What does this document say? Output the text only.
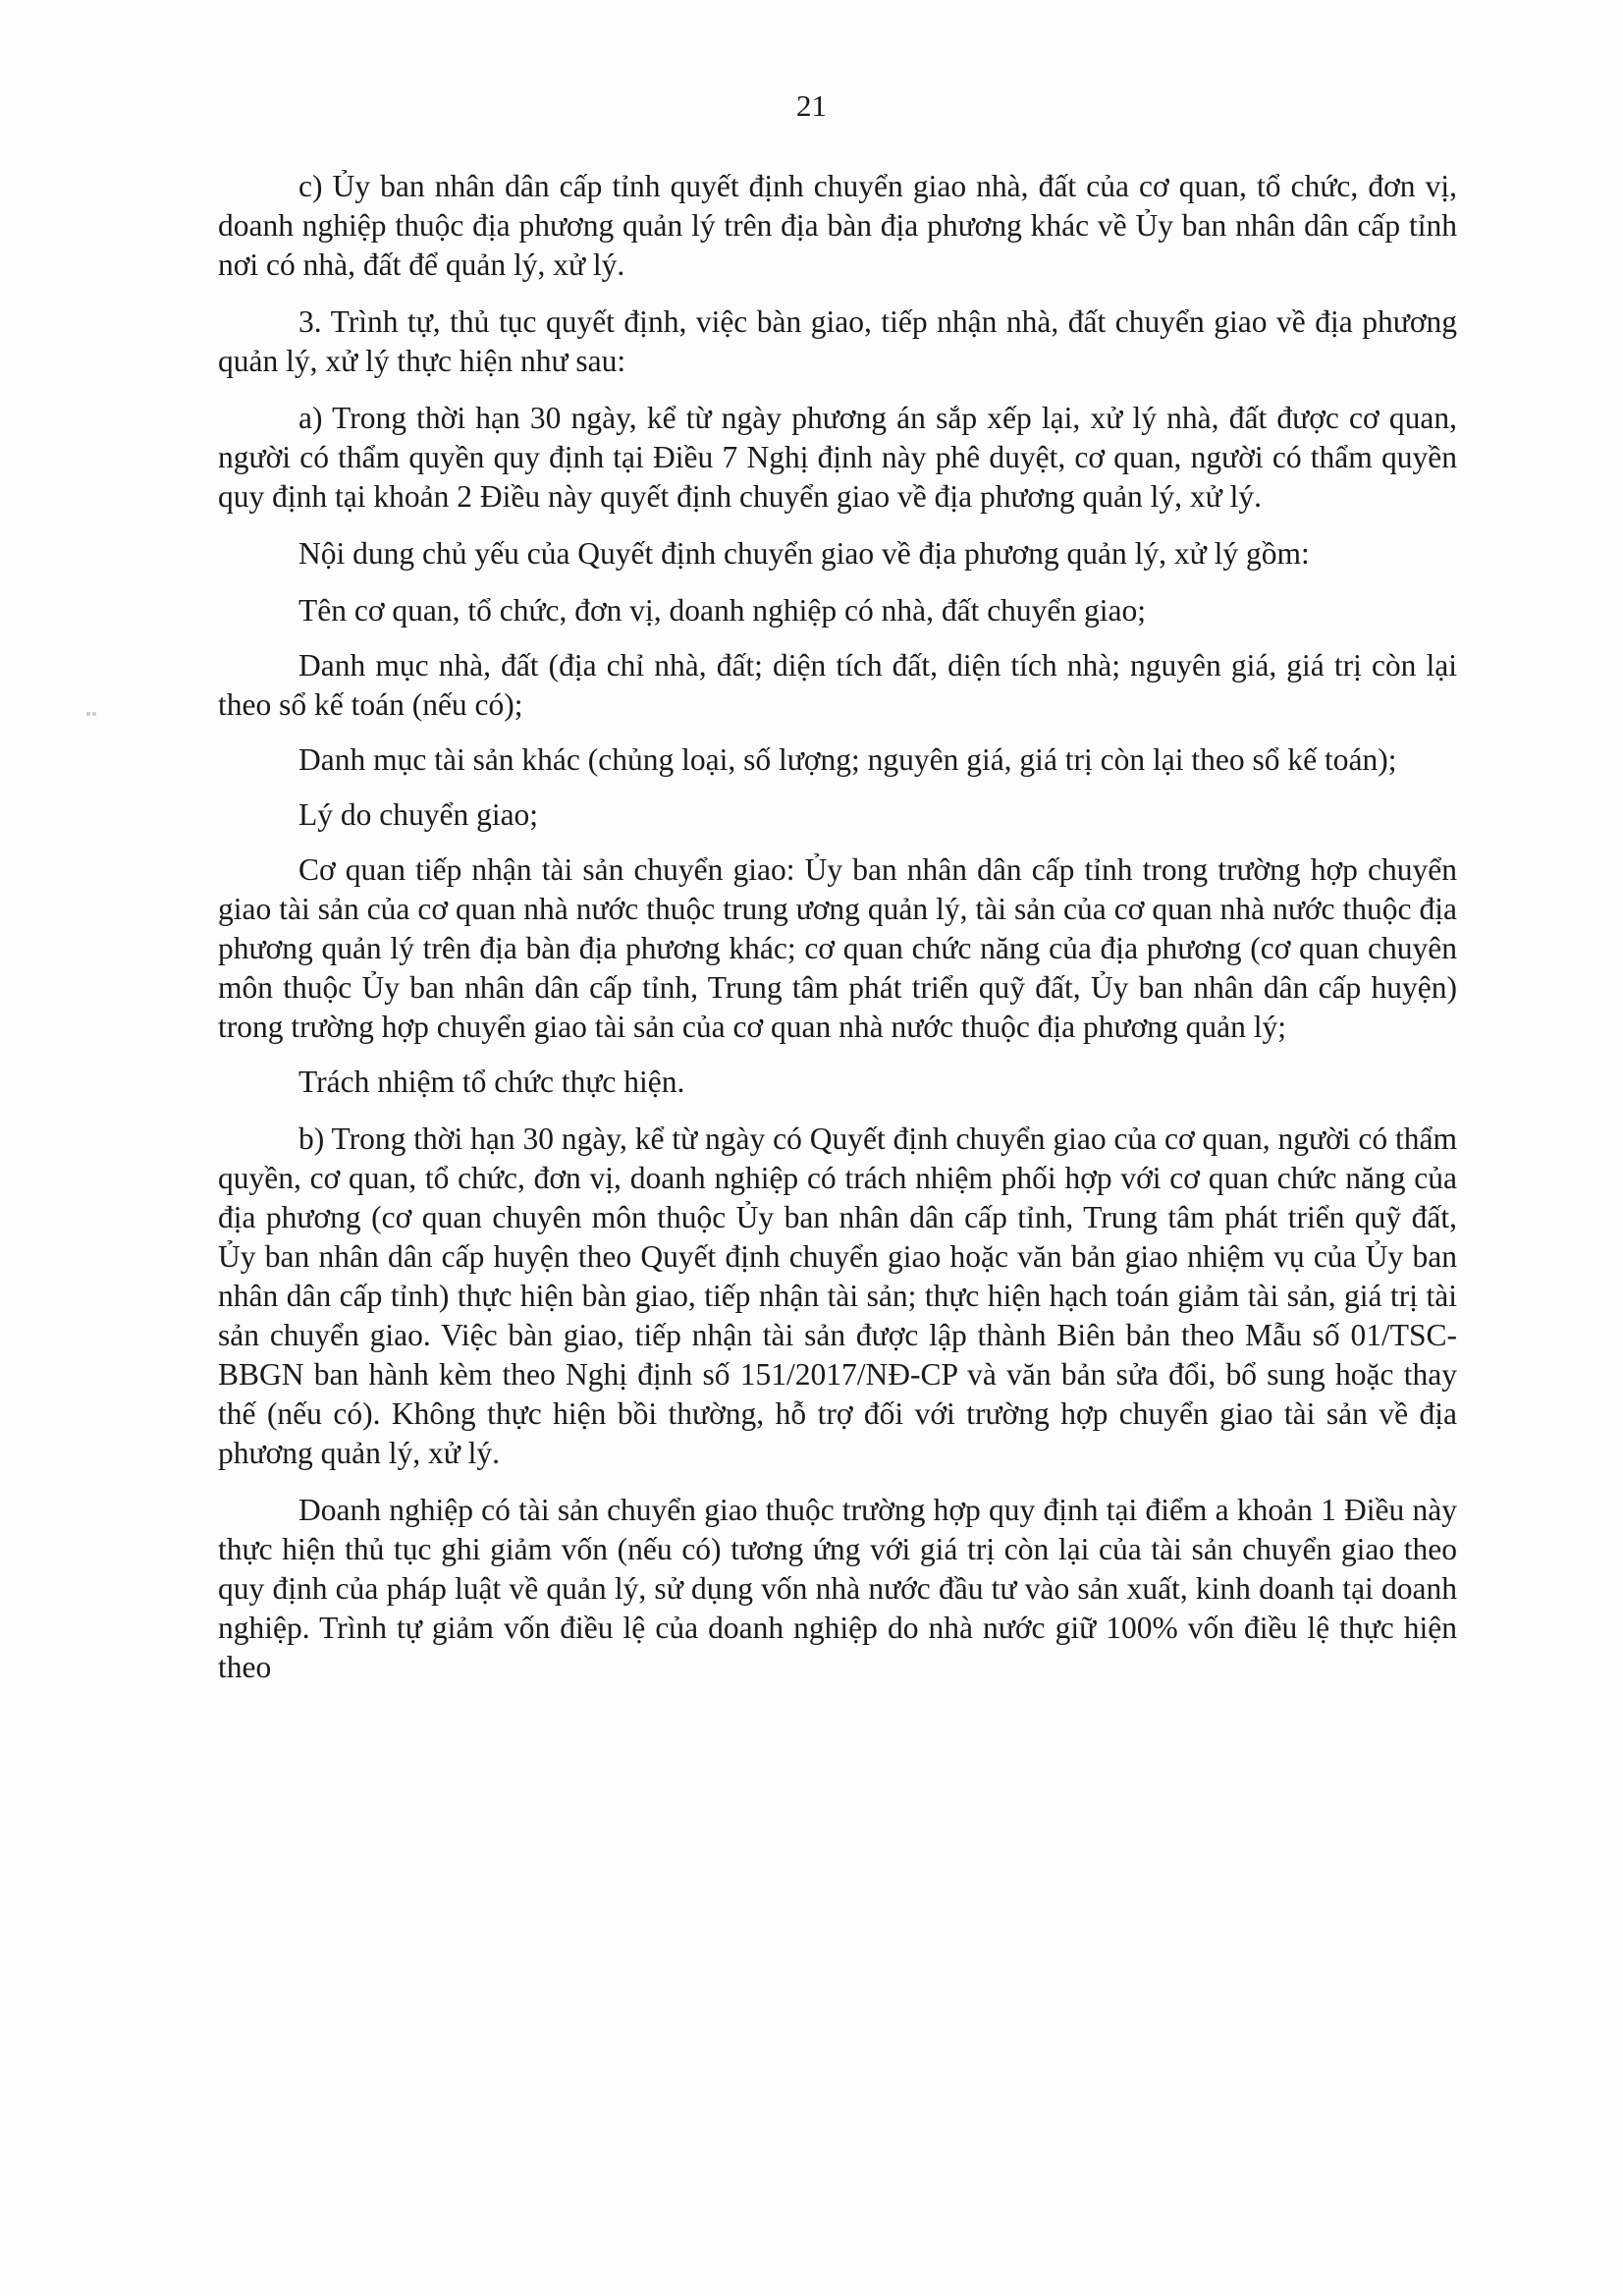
21

c) Ủy ban nhân dân cấp tỉnh quyết định chuyển giao nhà, đất của cơ quan, tổ chức, đơn vị, doanh nghiệp thuộc địa phương quản lý trên địa bàn địa phương khác về Ủy ban nhân dân cấp tỉnh nơi có nhà, đất để quản lý, xử lý.

3. Trình tự, thủ tục quyết định, việc bàn giao, tiếp nhận nhà, đất chuyển giao về địa phương quản lý, xử lý thực hiện như sau:

a) Trong thời hạn 30 ngày, kể từ ngày phương án sắp xếp lại, xử lý nhà, đất được cơ quan, người có thẩm quyền quy định tại Điều 7 Nghị định này phê duyệt, cơ quan, người có thẩm quyền quy định tại khoản 2 Điều này quyết định chuyển giao về địa phương quản lý, xử lý.

Nội dung chủ yếu của Quyết định chuyển giao về địa phương quản lý, xử lý gồm:

Tên cơ quan, tổ chức, đơn vị, doanh nghiệp có nhà, đất chuyển giao;

Danh mục nhà, đất (địa chỉ nhà, đất; diện tích đất, diện tích nhà; nguyên giá, giá trị còn lại theo sổ kế toán (nếu có);

Danh mục tài sản khác (chủng loại, số lượng; nguyên giá, giá trị còn lại theo sổ kế toán);

Lý do chuyển giao;

Cơ quan tiếp nhận tài sản chuyển giao: Ủy ban nhân dân cấp tỉnh trong trường hợp chuyển giao tài sản của cơ quan nhà nước thuộc trung ương quản lý, tài sản của cơ quan nhà nước thuộc địa phương quản lý trên địa bàn địa phương khác; cơ quan chức năng của địa phương (cơ quan chuyên môn thuộc Ủy ban nhân dân cấp tỉnh, Trung tâm phát triển quỹ đất, Ủy ban nhân dân cấp huyện) trong trường hợp chuyển giao tài sản của cơ quan nhà nước thuộc địa phương quản lý;

Trách nhiệm tổ chức thực hiện.

b) Trong thời hạn 30 ngày, kể từ ngày có Quyết định chuyển giao của cơ quan, người có thẩm quyền, cơ quan, tổ chức, đơn vị, doanh nghiệp có trách nhiệm phối hợp với cơ quan chức năng của địa phương (cơ quan chuyên môn thuộc Ủy ban nhân dân cấp tỉnh, Trung tâm phát triển quỹ đất, Ủy ban nhân dân cấp huyện theo Quyết định chuyển giao hoặc văn bản giao nhiệm vụ của Ủy ban nhân dân cấp tỉnh) thực hiện bàn giao, tiếp nhận tài sản; thực hiện hạch toán giảm tài sản, giá trị tài sản chuyển giao. Việc bàn giao, tiếp nhận tài sản được lập thành Biên bản theo Mẫu số 01/TSC-BBGN ban hành kèm theo Nghị định số 151/2017/NĐ-CP và văn bản sửa đổi, bổ sung hoặc thay thế (nếu có). Không thực hiện bồi thường, hỗ trợ đối với trường hợp chuyển giao tài sản về địa phương quản lý, xử lý.

Doanh nghiệp có tài sản chuyển giao thuộc trường hợp quy định tại điểm a khoản 1 Điều này thực hiện thủ tục ghi giảm vốn (nếu có) tương ứng với giá trị còn lại của tài sản chuyển giao theo quy định của pháp luật về quản lý, sử dụng vốn nhà nước đầu tư vào sản xuất, kinh doanh tại doanh nghiệp. Trình tự giảm vốn điều lệ của doanh nghiệp do nhà nước giữ 100% vốn điều lệ thực hiện theo
